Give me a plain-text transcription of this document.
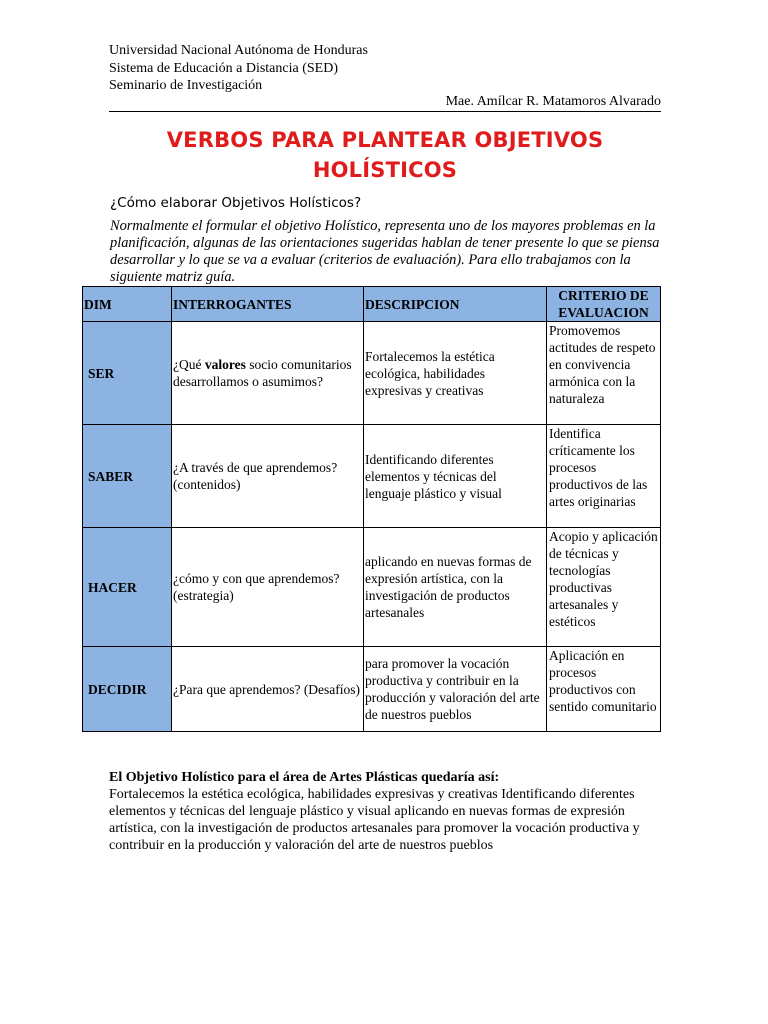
Universidad Nacional Autónoma de Honduras
Sistema de Educación a Distancia (SED)
Seminario de Investigación
Mae. Amílcar R. Matamoros Alvarado
VERBOS PARA PLANTEAR OBJETIVOS
HOLÍSTICOS
¿Cómo elaborar Objetivos Holísticos?
Normalmente el formular el objetivo Holístico, representa uno de los mayores problemas en la planificación, algunas de las orientaciones sugeridas hablan de tener presente lo que se piensa desarrollar y lo que se va a evaluar (criterios de evaluación). Para ello trabajamos con la siguiente matriz guía.
DIM	INTERROGANTES	DESCRIPCION	CRITERIO DE EVALUACION
SER	¿Qué valores socio comunitarios desarrollamos o asumimos?	Fortalecemos la estética ecológica, habilidades expresivas y creativas	Promovemos actitudes de respeto en convivencia armónica con la naturaleza
SABER	¿A través de que aprendemos? (contenidos)	Identificando diferentes elementos y técnicas del lenguaje plástico y visual	Identifica críticamente los procesos productivos de las artes originarias
HACER	¿cómo y con que aprendemos? (estrategia)	aplicando en nuevas formas de expresión artística, con la investigación de productos artesanales	Acopio y aplicación de técnicas y tecnologías productivas artesanales y estéticos
DECIDIR	¿Para que aprendemos? (Desafíos)	para promover la vocación productiva y contribuir en la producción y valoración del arte de nuestros pueblos	Aplicación en procesos productivos con sentido comunitario
El Objetivo Holístico para el área de Artes Plásticas quedaría así:
Fortalecemos la estética ecológica, habilidades expresivas y creativas Identificando diferentes elementos y técnicas del lenguaje plástico y visual aplicando en nuevas formas de expresión artística, con la investigación de productos artesanales para promover la vocación productiva y contribuir en la producción y valoración del arte de nuestros pueblos
